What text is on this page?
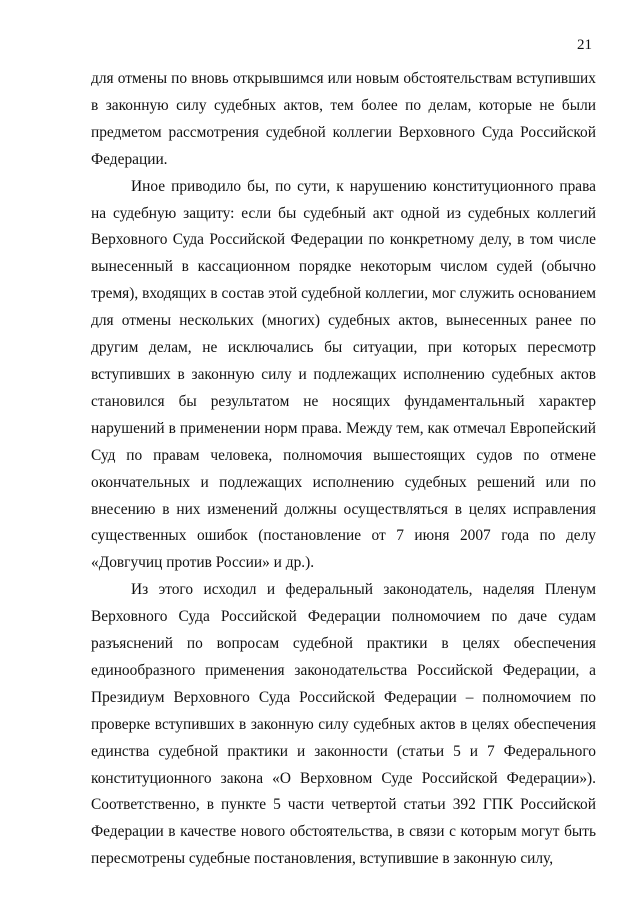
21

для отмены по вновь открывшимся или новым обстоятельствам вступивших в законную силу судебных актов, тем более по делам, которые не были предметом рассмотрения судебной коллегии Верховного Суда Российской Федерации.

Иное приводило бы, по сути, к нарушению конституционного права на судебную защиту: если бы судебный акт одной из судебных коллегий Верховного Суда Российской Федерации по конкретному делу, в том числе вынесенный в кассационном порядке некоторым числом судей (обычно тремя), входящих в состав этой судебной коллегии, мог служить основанием для отмены нескольких (многих) судебных актов, вынесенных ранее по другим делам, не исключались бы ситуации, при которых пересмотр вступивших в законную силу и подлежащих исполнению судебных актов становился бы результатом не носящих фундаментальный характер нарушений в применении норм права. Между тем, как отмечал Европейский Суд по правам человека, полномочия вышестоящих судов по отмене окончательных и подлежащих исполнению судебных решений или по внесению в них изменений должны осуществляться в целях исправления существенных ошибок (постановление от 7 июня 2007 года по делу «Довгучиц против России» и др.).

Из этого исходил и федеральный законодатель, наделяя Пленум Верховного Суда Российской Федерации полномочием по даче судам разъяснений по вопросам судебной практики в целях обеспечения единообразного применения законодательства Российской Федерации, а Президиум Верховного Суда Российской Федерации – полномочием по проверке вступивших в законную силу судебных актов в целях обеспечения единства судебной практики и законности (статьи 5 и 7 Федерального конституционного закона «О Верховном Суде Российской Федерации»). Соответственно, в пункте 5 части четвертой статьи 392 ГПК Российской Федерации в качестве нового обстоятельства, в связи с которым могут быть пересмотрены судебные постановления, вступившие в законную силу,
